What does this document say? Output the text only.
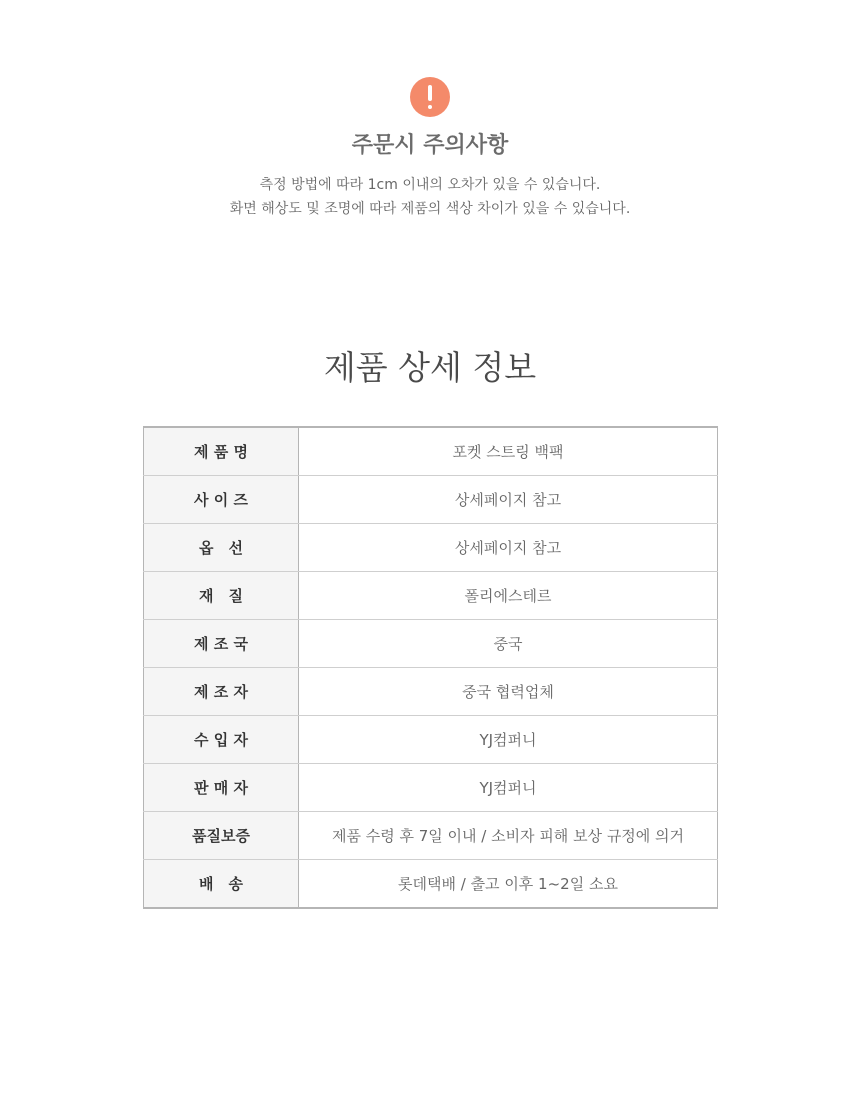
주문시 주의사항
측정 방법에 따라 1cm 이내의 오차가 있을 수 있습니다.
화면 해상도 및 조명에 따라 제품의 색상 차이가 있을 수 있습니다.
제품 상세 정보
제 품 명	포켓 스트링 백팩
사 이 즈	상세페이지 참고
옵　선	상세페이지 참고
재　질	폴리에스테르
제 조 국	중국
제 조 자	중국 협력업체
수 입 자	YJ컴퍼니
판 매 자	YJ컴퍼니
품질보증	제품 수령 후 7일 이내 / 소비자 피해 보상 규정에 의거
배　송	롯데택배 / 출고 이후 1~2일 소요
